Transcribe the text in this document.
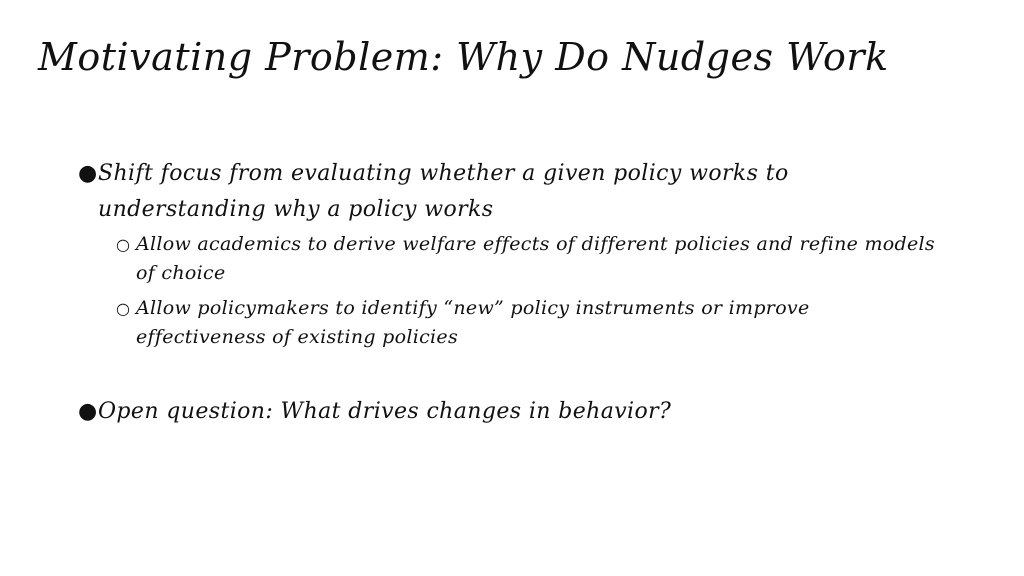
Motivating Problem: Why Do Nudges Work
● Shift focus from evaluating whether a given policy works to understanding why a policy works
○ Allow academics to derive welfare effects of different policies and refine models of choice
○ Allow policymakers to identify “new” policy instruments or improve effectiveness of existing policies
● Open question: What drives changes in behavior?
